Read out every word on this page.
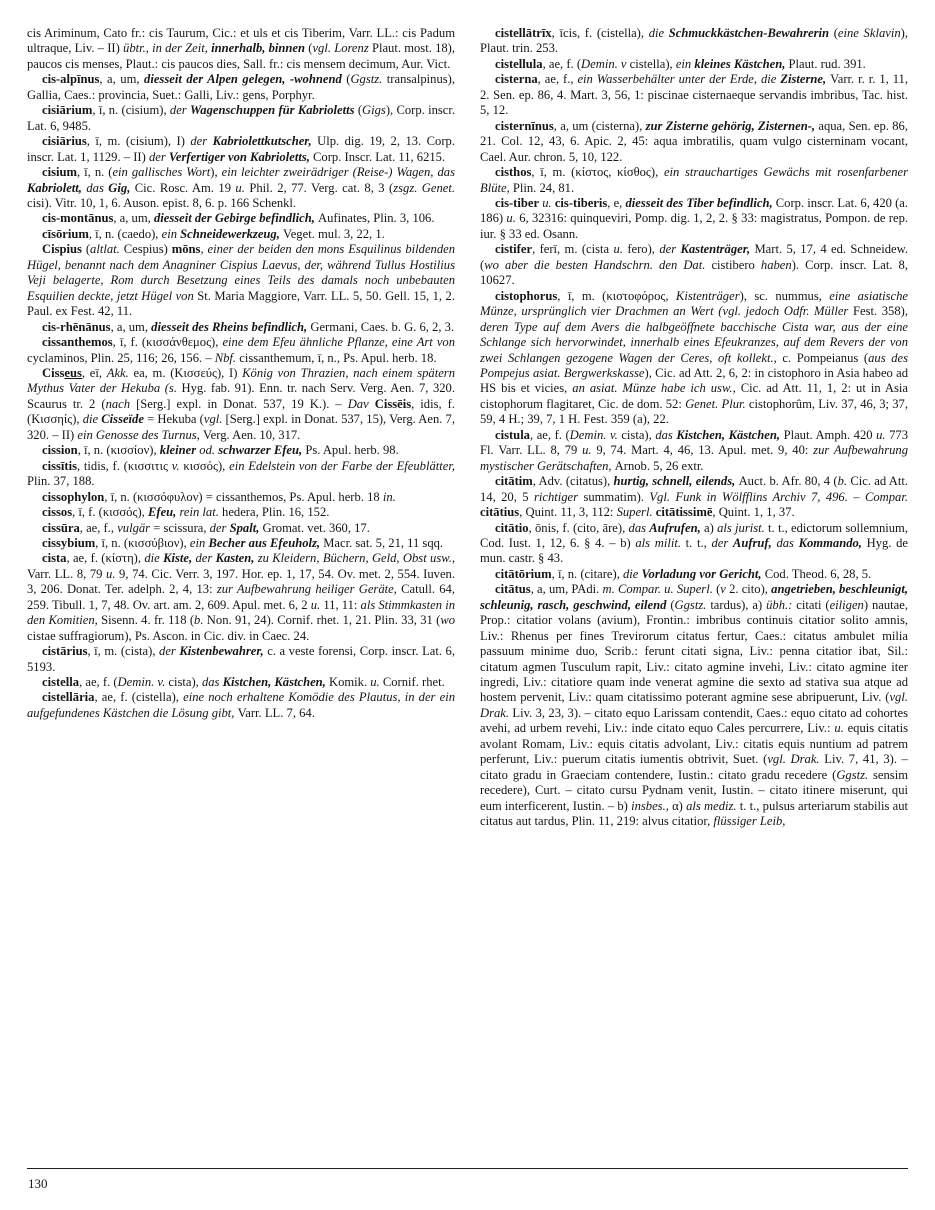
cis Ariminum, Cato fr.: cis Taurum, Cic.: et uls et cis Tiberim, Varr. LL.: cis Padum ultraque, Liv. – II) übtr., in der Zeit, innerhalb, binnen (vgl. Lorenz Plaut. most. 18), paucos cis menses, Plaut.: cis paucos dies, Sall. fr.: cis mensem decimum, Aur. Vict.

cis-alpīnus, a, um, diesseit der Alpen gelegen, -wohnend (Ggstz. transalpinus), Gallia, Caes.: provincia, Suet.: Galli, Liv.: gens, Porphyr.

cisiārium, ī, n. (cisium), der Wagenschuppen für Kabrioletts (Gigs), Corp. inscr. Lat. 6, 9485.

cisiārius, ī, m. (cisium), I) der Kabriolettkutscher, Ulp. dig. 19, 2, 13. Corp. inscr. Lat. 1, 1129. – II) der Verfertiger von Kabrioletts, Corp. Inscr. Lat. 11, 6215.

cisium, ī, n. (ein gallisches Wort), ein leichter zweirädriger (Reise-) Wagen, das Kabriolett, das Gig, Cic. Rosc. Am. 19 u. Phil. 2, 77. Verg. cat. 8, 3 (zsgz. Genet. cisi). Vitr. 10, 1, 6. Auson. epist. 8, 6. p. 166 Schenkl.

cis-montānus, a, um, diesseit der Gebirge befindlich, Aufinates, Plin. 3, 106.

cīsōrium, ī, n. (caedo), ein Schneidewerkzeug, Veget. mul. 3, 22, 1.

Cispius (altlat. Cespius) mōns, einer der beiden den mons Esquilinus bildenden Hügel, benannt nach dem Anagniner Cispius Laevus, der, während Tullus Hostilius Veji belagerte, Rom durch Besetzung eines Teils des damals noch unbebauten Esquilien deckte, jetzt Hügel von St. Maria Maggiore, Varr. LL. 5, 50. Gell. 15, 1, 2. Paul. ex Fest. 42, 11.

cis-rhēnānus, a, um, diesseit des Rheins befindlich, Germani, Caes. b. G. 6, 2, 3.

cissanthemos, ī, f. (κισσάνθεμος), eine dem Efeu ähnliche Pflanze, eine Art von cyclaminos, Plin. 25, 116; 26, 156. – Nbf. cissanthemum, ī, n., Ps. Apul. herb. 18.

Cisseus, eī, Akk. ea, m. (Κισσεύς), I) König von Thrazien, nach einem spätern Mythus Vater der Hekuba (s. Hyg. fab. 91). Enn. tr. nach Serv. Verg. Aen. 7, 320. Scaurus tr. 2 (nach [Serg.] expl. in Donat. 537, 19 K.). – Dav Cissēis, idis, f. (Κισσηίς), die Cisseïde = Hekuba (vgl. [Serg.] expl. in Donat. 537, 15), Verg. Aen. 7, 320. – II) ein Genosse des Turnus, Verg. Aen. 10, 317.

cission, ī, n. (κισσίον), kleiner od. schwarzer Efeu, Ps. Apul. herb. 98.

cissītis, tidis, f. (κισσιτις v. κισσός), ein Edelstein von der Farbe der Efeublätter, Plin. 37, 188.

cissophylon, ī, n. (κισσόφυλον) = cissanthemos, Ps. Apul. herb. 18 in.

cissos, ī, f. (κισσός), Efeu, rein lat. hedera, Plin. 16, 152.

cissūra, ae, f., vulgär = scissura, der Spalt, Gromat. vet. 360, 17.

cissybium, ī, n. (κισσύβιον), ein Becher aus Efeuholz, Macr. sat. 5, 21, 11 sqq.

cista, ae, f. (κίστη), die Kiste, der Kasten, zu Kleidern, Büchern, Geld, Obst usw., Varr. LL. 8, 79 u. 9, 74. Cic. Verr. 3, 197. Hor. ep. 1, 17, 54. Ov. met. 2, 554. Iuven. 3, 206. Donat. Ter. adelph. 2, 4, 13: zur Aufbewahrung heiliger Geräte, Catull. 64, 259. Tibull. 1, 7, 48. Ov. art. am. 2, 609. Apul. met. 6, 2 u. 11, 11: als Stimmkasten in den Komitien, Sisenn. 4. fr. 118 (b. Non. 91, 24). Cornif. rhet. 1, 21. Plin. 33, 31 (wo cistae suffragiorum), Ps. Ascon. in Cic. div. in Caec. 24.

cistārius, ī, m. (cista), der Kistenbewahrer, c. a veste forensi, Corp. inscr. Lat. 6, 5193.

cistella, ae, f. (Demin. v. cista), das Kistchen, Kästchen, Komik. u. Cornif. rhet.

cistellāria, ae, f. (cistella), eine noch erhaltene Komödie des Plautus, in der ein aufgefundenes Kästchen die Lösung gibt, Varr. LL. 7, 64.

cistellātrīx, īcis, f. (cistella), die Schmuckkästchen-Bewahrerin (eine Sklavin), Plaut. trin. 253.

cistellula, ae, f. (Demin. v cistella), ein kleines Kästchen, Plaut. rud. 391.

cisterna, ae, f., ein Wasserbehälter unter der Erde, die Zisterne, Varr. r. r. 1, 11, 2. Sen. ep. 86, 4. Mart. 3, 56, 1: piscinae cisternaeque servandis imbribus, Tac. hist. 5, 12.

cisternīnus, a, um (cisterna), zur Zisterne gehörig, Zisternen-, aqua, Sen. ep. 86, 21. Col. 12, 43, 6. Apic. 2, 45: aqua imbratilis, quam vulgo cisterninam vocant, Cael. Aur. chron. 5, 10, 122.

cisthos, ī, m. (κίστος, κίσθος), ein strauchartiges Gewächs mit rosenfarbener Blüte, Plin. 24, 81.

cis-tiber u. cis-tiberis, e, diesseit des Tiber befindlich, Corp. inscr. Lat. 6, 420 (a. 186) u. 6, 32316: quinqueviri, Pomp. dig. 1, 2, 2. § 33: magistratus, Pompon. de rep. iur. § 33 ed. Osann.

cistifer, ferī, m. (cista u. fero), der Kastenträger, Mart. 5, 17, 4 ed. Schneidew. (wo aber die besten Handschrn. den Dat. cistibero haben). Corp. inscr. Lat. 8, 10627.

cistophorus, ī, m. (κιστοφόρος, Kistenträger), sc. nummus, eine asiatische Münze, ursprünglich vier Drachmen an Wert (vgl. jedoch Odfr. Müller Fest. 358), deren Type auf dem Avers die halbgeöffnete bacchische Cista war, aus der eine Schlange sich hervorwindet, innerhalb eines Efeukranzes, auf dem Revers der von zwei Schlangen gezogene Wagen der Ceres, oft kollekt., c. Pompeianus (aus des Pompejus asiat. Bergwerkskasse), Cic. ad Att. 2, 6, 2: in cistophoro in Asia habeo ad HS bis et vicies, an asiat. Münze habe ich usw., Cic. ad Att. 11, 1, 2: ut in Asia cistophorum flagitaret, Cic. de dom. 52: Genet. Plur. cistophorûm, Liv. 37, 46, 3; 37, 59, 4 H.; 39, 7, 1 H. Fest. 359 (a), 22.

cistula, ae, f. (Demin. v. cista), das Kistchen, Kästchen, Plaut. Amph. 420 u. 773 Fl. Varr. LL. 8, 79 u. 9, 74. Mart. 4, 46, 13. Apul. met. 9, 40: zur Aufbewahrung mystischer Gerätschaften, Arnob. 5, 26 extr.

citātim, Adv. (citatus), hurtig, schnell, eilends, Auct. b. Afr. 80, 4 (b. Cic. ad Att. 14, 20, 5 richtiger summatim). Vgl. Funk in Wölfflins Archiv 7, 496. – Compar. citātius, Quint. 11, 3, 112: Superl. citātissimē, Quint. 1, 1, 37.

citātio, ōnis, f. (cito, āre), das Aufrufen, a) als jurist. t. t., edictorum sollemnium, Cod. Iust. 1, 12, 6. § 4. – b) als milit. t. t., der Aufruf, das Kommando, Hyg. de mun. castr. § 43.

citātōrium, ī, n. (citare), die Vorladung vor Gericht, Cod. Theod. 6, 28, 5.

citātus, a, um, PAdi. m. Compar. u. Superl. (v 2. cito), angetrieben, beschleunigt, schleunig, rasch, geschwind, eilend (Ggstz. tardus), a) übh.: citati (eiligen) nautae, Prop.: citatior volans (avium), Frontin.: imbribus continuis citatior solito amnis, Liv.: Rhenus per fines Trevirorum citatus fertur, Caes.: citatus ambulet milia passuum minime duo, Scrib.: ferunt citati signa, Liv.: penna citatior ibat, Sil.: citatum agmen Tusculum rapit, Liv.: citato agmine invehi, Liv.: citato agmine iter ingredi, Liv.: citatiore quam inde venerat agmine die sexto ad stativa sua atque ad hostem pervenit, Liv.: quam citatissimo poterant agmine sese abripuerunt, Liv. (vgl. Drak. Liv. 3, 23, 3). – citato equo Larissam contendit, Caes.: equo citato ad cohortes avehi, ad urbem revehi, Liv.: inde citato equo Cales percurrere, Liv.: u. equis citatis avolant Romam, Liv.: equis citatis advolant, Liv.: citatis equis nuntium ad patrem perferunt, Liv.: puerum citatis iumentis obtrivit, Suet. (vgl. Drak. Liv. 7, 41, 3). – citato gradu in Graeciam contendere, Iustin.: citato gradu recedere (Ggstz. sensim recedere), Curt. – citato cursu Pydnam venit, Iustin. – citato itinere miserunt, qui eum interficerent, Iustin. – b) insbes., α) als mediz. t. t., pulsus arteriarum stabilis aut citatus aut tardus, Plin. 11, 219: alvus citatior, flüssiger Leib,

130
